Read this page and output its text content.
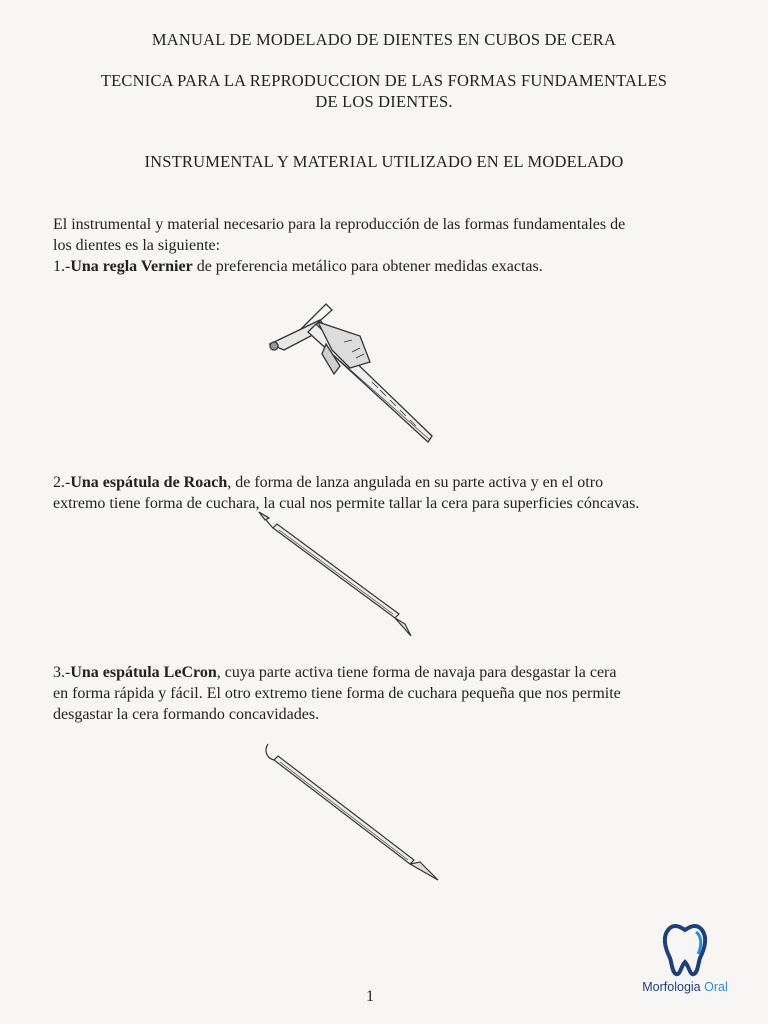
MANUAL DE MODELADO DE DIENTES EN CUBOS DE CERA
TECNICA PARA LA REPRODUCCION DE LAS FORMAS FUNDAMENTALES
DE LOS DIENTES.
INSTRUMENTAL Y MATERIAL UTILIZADO EN EL MODELADO
El instrumental y material necesario para la reproducción de las formas fundamentales de
los dientes es la siguiente:
1.-Una regla Vernier de preferencia metálico para obtener medidas exactas.
2.-Una espátula de Roach, de forma de lanza angulada en su parte activa y en el otro
extremo tiene forma de cuchara, la cual nos permite tallar la cera para superficies cóncavas.
3.-Una espátula LeCron, cuya parte activa tiene forma de navaja para desgastar la cera
en forma rápida y fácil. El otro extremo tiene forma de cuchara pequeña que nos permite
desgastar la cera formando concavidades.
1
Morfologia Oral
